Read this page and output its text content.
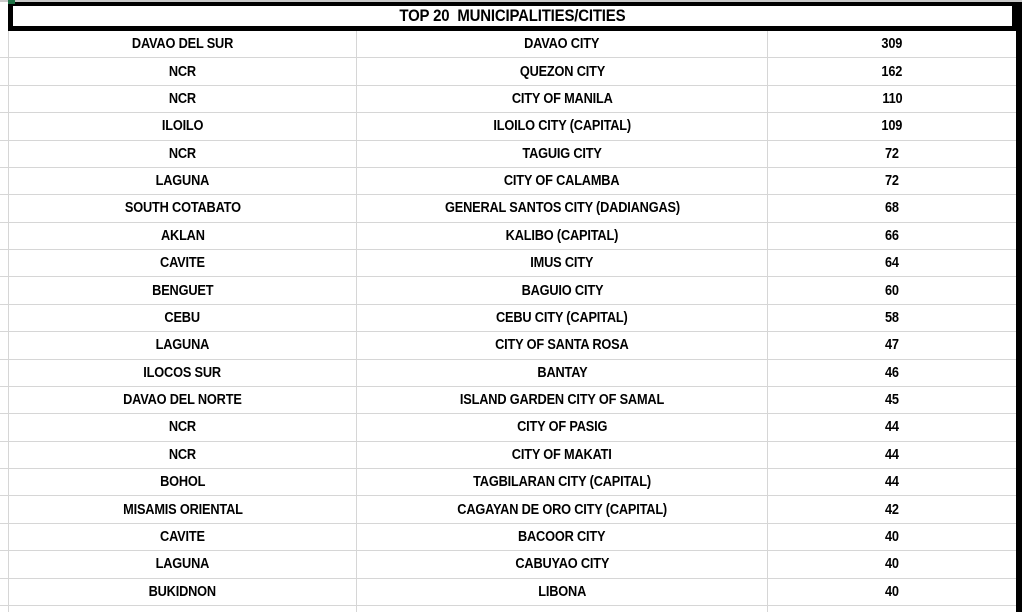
TOP 20  MUNICIPALITIES/CITIES
DAVAO DEL SUR	DAVAO CITY	309
NCR	QUEZON CITY	162
NCR	CITY OF MANILA	110
ILOILO	ILOILO CITY (CAPITAL)	109
NCR	TAGUIG CITY	72
LAGUNA	CITY OF CALAMBA	72
SOUTH COTABATO	GENERAL SANTOS CITY (DADIANGAS)	68
AKLAN	KALIBO (CAPITAL)	66
CAVITE	IMUS CITY	64
BENGUET	BAGUIO CITY	60
CEBU	CEBU CITY (CAPITAL)	58
LAGUNA	CITY OF SANTA ROSA	47
ILOCOS SUR	BANTAY	46
DAVAO DEL NORTE	ISLAND GARDEN CITY OF SAMAL	45
NCR	CITY OF PASIG	44
NCR	CITY OF MAKATI	44
BOHOL	TAGBILARAN CITY (CAPITAL)	44
MISAMIS ORIENTAL	CAGAYAN DE ORO CITY (CAPITAL)	42
CAVITE	BACOOR CITY	40
LAGUNA	CABUYAO CITY	40
BUKIDNON	LIBONA	40
